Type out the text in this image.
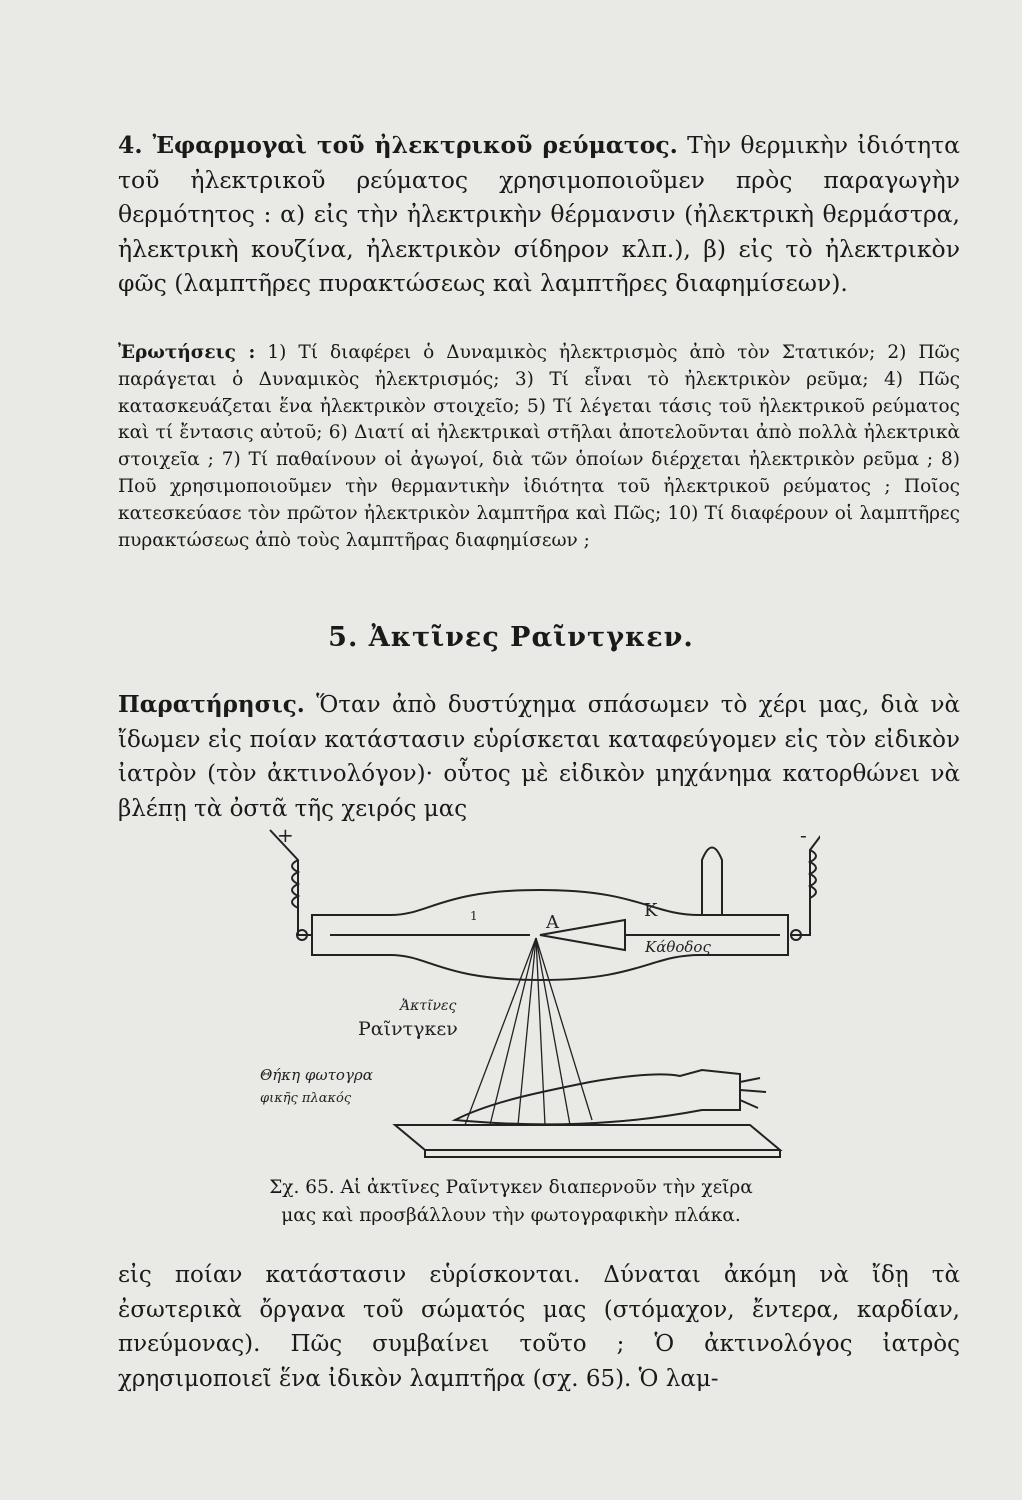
4. Ἐφαρμογαὶ τοῦ ἠλεκτρικοῦ ρεύματος. Τὴν θερμικὴν ἰδιότητα τοῦ ἠλεκτρικοῦ ρεύματος χρησιμοποιοῦμεν πρὸς παραγωγὴν θερμότητος : α) εἰς τὴν ἠλεκτρικὴν θέρμανσιν (ἠλεκτρικὴ θερμάστρα, ἠλεκτρικὴ κουζίνα, ἠλεκτρικὸν σίδηρον κλπ.), β) εἰς τὸ ἠλεκτρικὸν φῶς (λαμπτῆρες πυρακτώσεως καὶ λαμπτῆρες διαφημίσεων).
Ἐρωτήσεις : 1) Τί διαφέρει ὁ Δυναμικὸς ἠλεκτρισμὸς ἀπὸ τὸν Στατικόν; 2) Πῶς παράγεται ὁ Δυναμικὸς ἠλεκτρισμός; 3) Τί εἶναι τὸ ἠλεκτρικὸν ρεῦμα; 4) Πῶς κατασκευάζεται ἕνα ἠλεκτρικὸν στοιχεῖο; 5) Τί λέγεται τάσις τοῦ ἠλεκτρικοῦ ρεύματος καὶ τί ἔντασις αὐτοῦ; 6) Διατί αἱ ἠλεκτρικαὶ στῆλαι ἀποτελοῦνται ἀπὸ πολλὰ ἠλεκτρικὰ στοιχεῖα ; 7) Τί παθαίνουν οἱ ἀγωγοί, διὰ τῶν ὁποίων διέρχεται ἠλεκτρικὸν ρεῦμα ; 8) Ποῦ χρησιμοποιοῦμεν τὴν θερμαντικὴν ἰδιότητα τοῦ ἠλεκτρικοῦ ρεύματος ; Ποῖος κατεσκεύασε τὸν πρῶτον ἠλεκτρικὸν λαμπτῆρα καὶ Πῶς; 10) Τί διαφέρουν οἱ λαμπτῆρες πυρακτώσεως ἀπὸ τοὺς λαμπτῆρας διαφημίσεων ;
5. Ἀκτῖνες Ραῖντγκεν.
Παρατήρησις. Ὅταν ἀπὸ δυστύχημα σπάσωμεν τὸ χέρι μας, διὰ νὰ ἴδωμεν εἰς ποίαν κατάστασιν εὑρίσκεται καταφεύγομεν εἰς τὸν εἰδικὸν ἰατρὸν (τὸν ἀκτινολόγον)· οὗτος μὲ εἰδικὸν μηχάνημα κατορθώνει νὰ βλέπῃ τὰ ὀστᾶ τῆς χειρός μας
+	-
A
K
1
Κάθοδος
Ἀκτῖνες
Ραῖντγκεν
Θήκη φωτογρα
φικῆς πλακός
Σχ. 65. Αἱ ἀκτῖνες Ραῖντγκεν διαπερνοῦν τὴν χεῖρα
μας καὶ προσβάλλουν τὴν φωτογραφικὴν πλάκα.
εἰς ποίαν κατάστασιν εὑρίσκονται. Δύναται ἀκόμη νὰ ἴδῃ τὰ ἐσωτερικὰ ὄργανα τοῦ σώματός μας (στόμαχον, ἔντερα, καρδίαν, πνεύμονας). Πῶς συμβαίνει τοῦτο ; Ὁ ἀκτινολόγος ἰατρὸς χρησιμοποιεῖ ἕνα ἰδικὸν λαμπτῆρα (σχ. 65). Ὁ λαμ-
